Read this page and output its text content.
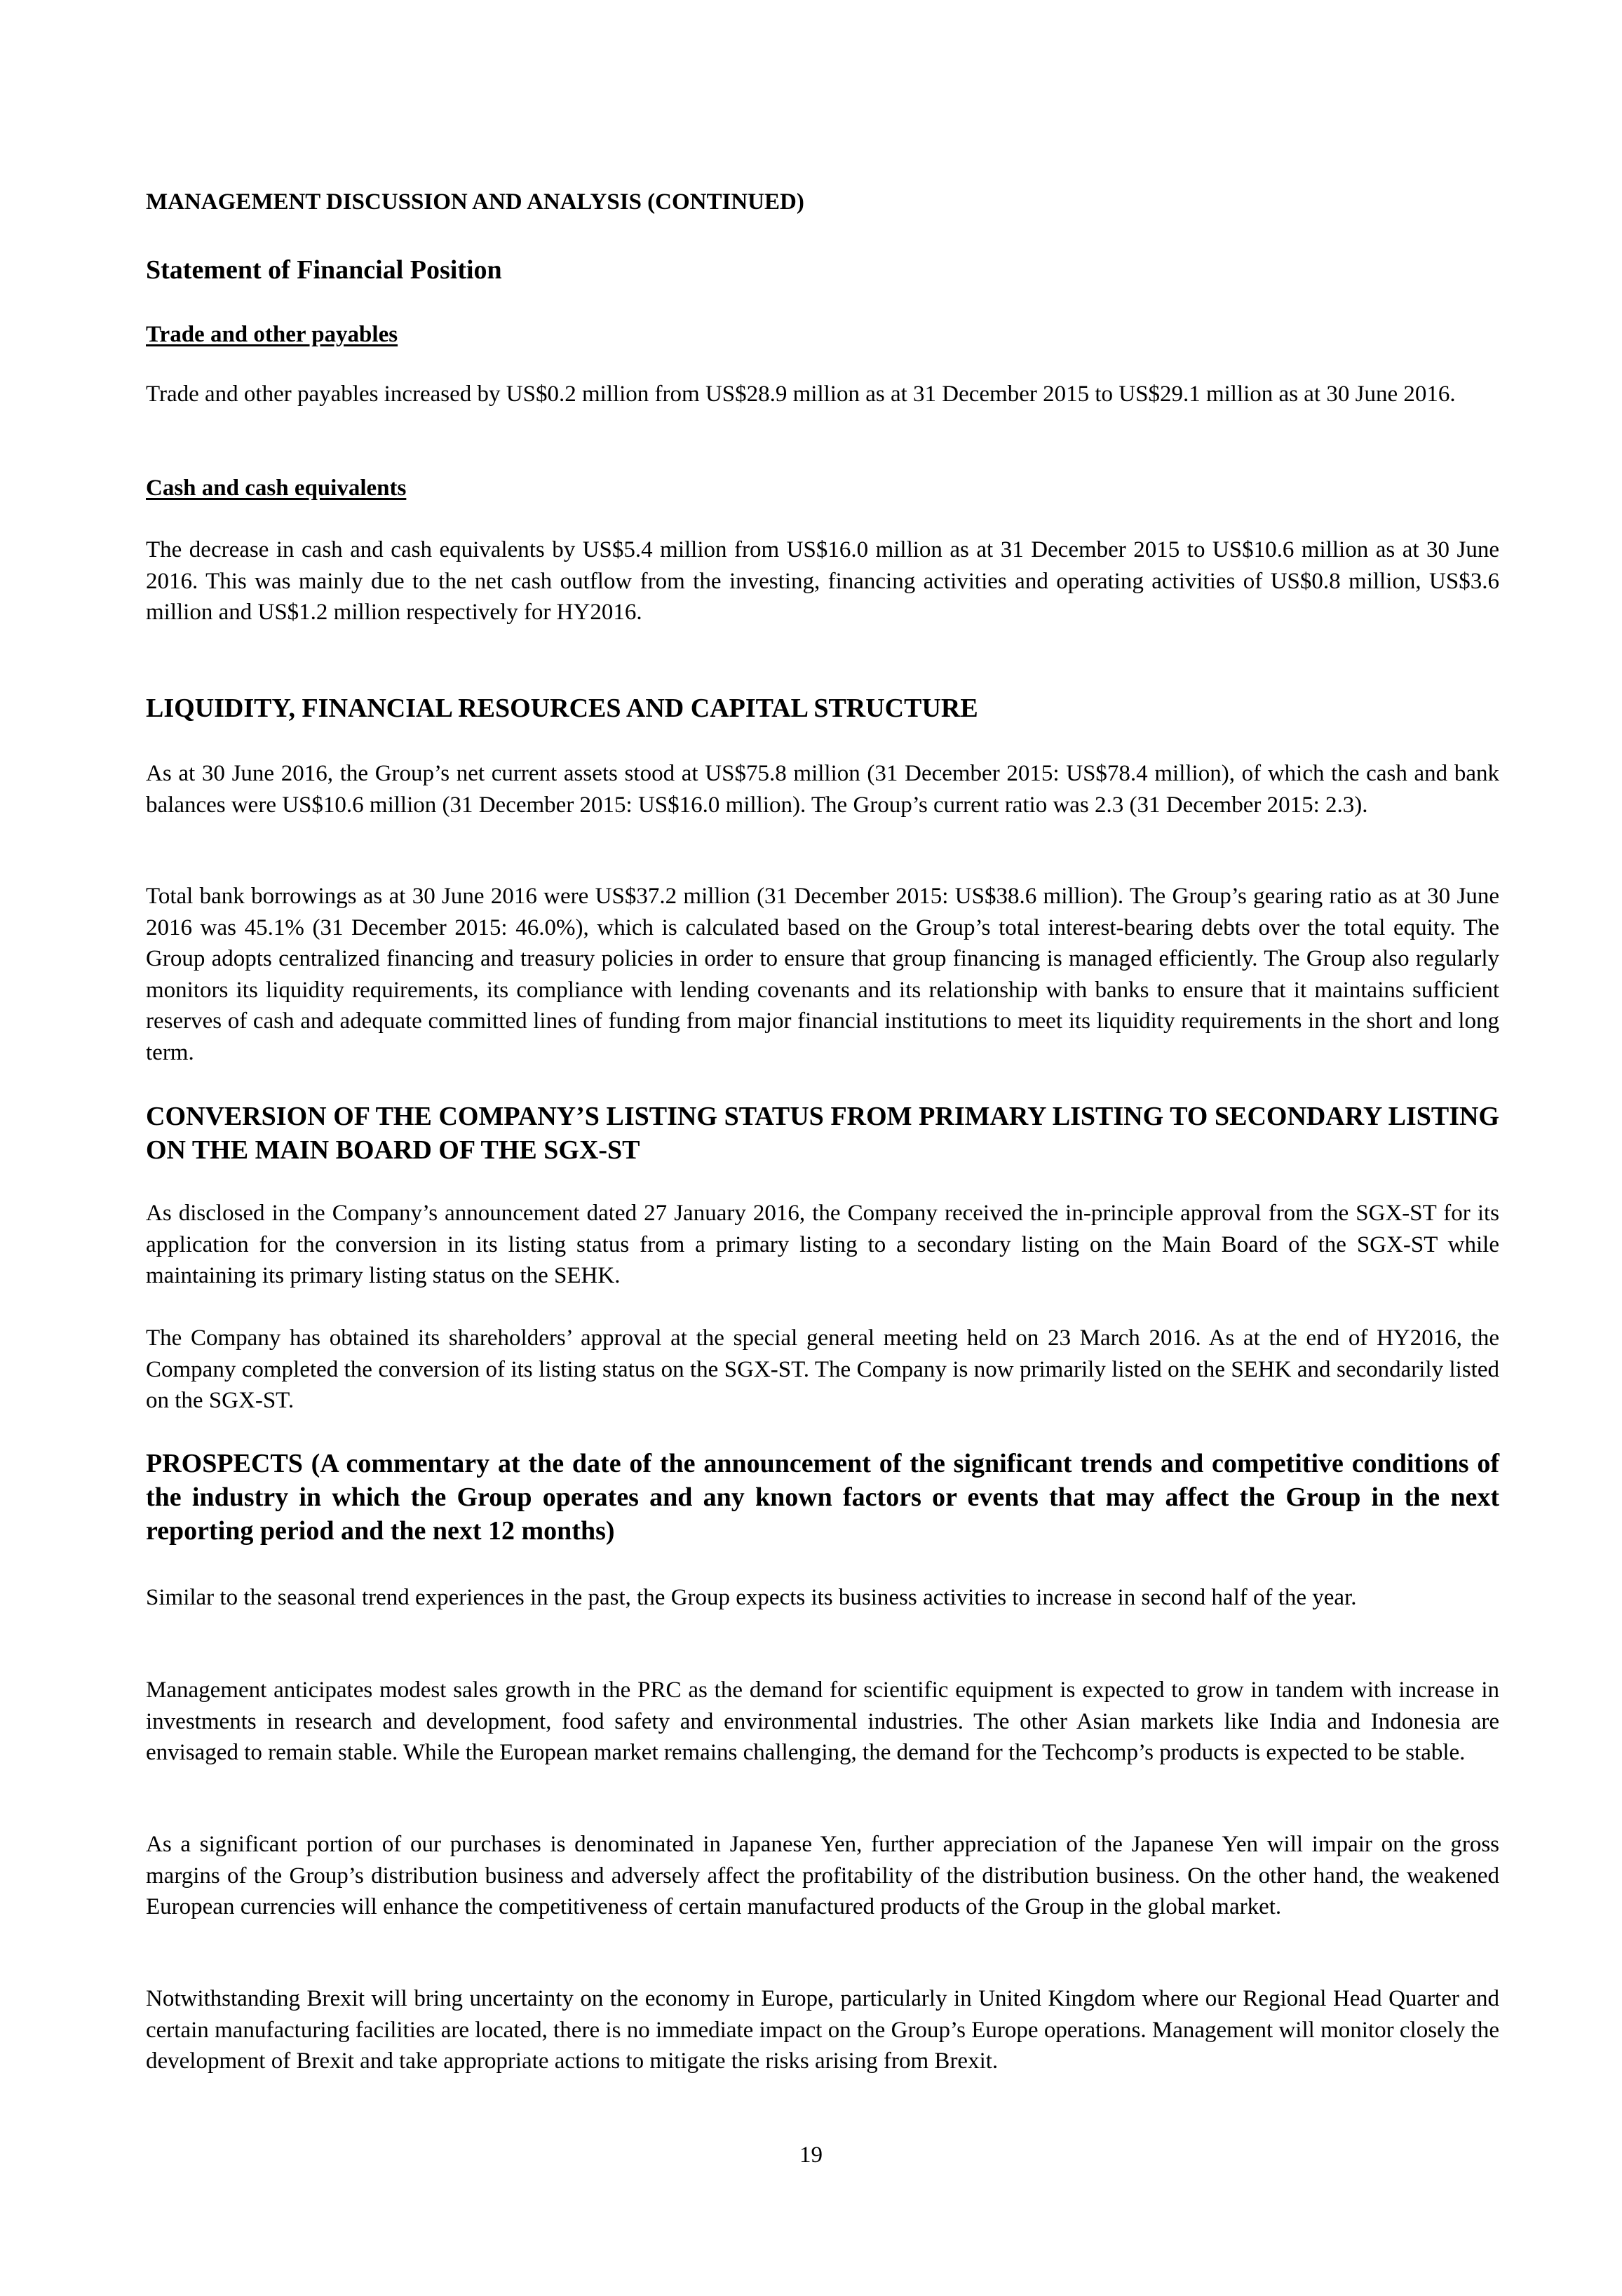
MANAGEMENT DISCUSSION AND ANALYSIS (CONTINUED)

Statement of Financial Position

Trade and other payables

Trade and other payables increased by US$0.2 million from US$28.9 million as at 31 December 2015 to US$29.1 million as at 30 June 2016.

Cash and cash equivalents

The decrease in cash and cash equivalents by US$5.4 million from US$16.0 million as at 31 December 2015 to US$10.6 million as at 30 June 2016. This was mainly due to the net cash outflow from the investing, financing activities and operating activities of US$0.8 million, US$3.6 million and US$1.2 million respectively for HY2016.

LIQUIDITY, FINANCIAL RESOURCES AND CAPITAL STRUCTURE

As at 30 June 2016, the Group’s net current assets stood at US$75.8 million (31 December 2015: US$78.4 million), of which the cash and bank balances were US$10.6 million (31 December 2015: US$16.0 million). The Group’s current ratio was 2.3 (31 December 2015: 2.3).

Total bank borrowings as at 30 June 2016 were US$37.2 million (31 December 2015: US$38.6 million). The Group’s gearing ratio as at 30 June 2016 was 45.1% (31 December 2015: 46.0%), which is calculated based on the Group’s total interest-bearing debts over the total equity. The Group adopts centralized financing and treasury policies in order to ensure that group financing is managed efficiently. The Group also regularly monitors its liquidity requirements, its compliance with lending covenants and its relationship with banks to ensure that it maintains sufficient reserves of cash and adequate committed lines of funding from major financial institutions to meet its liquidity requirements in the short and long term.

CONVERSION OF THE COMPANY’S LISTING STATUS FROM PRIMARY LISTING TO SECONDARY LISTING ON THE MAIN BOARD OF THE SGX-ST

As disclosed in the Company’s announcement dated 27 January 2016, the Company received the in-principle approval from the SGX-ST for its application for the conversion in its listing status from a primary listing to a secondary listing on the Main Board of the SGX-ST while maintaining its primary listing status on the SEHK.

The Company has obtained its shareholders’ approval at the special general meeting held on 23 March 2016. As at the end of HY2016, the Company completed the conversion of its listing status on the SGX-ST. The Company is now primarily listed on the SEHK and secondarily listed on the SGX-ST.

PROSPECTS (A commentary at the date of the announcement of the significant trends and competitive conditions of the industry in which the Group operates and any known factors or events that may affect the Group in the next reporting period and the next 12 months)

Similar to the seasonal trend experiences in the past, the Group expects its business activities to increase in second half of the year.

Management anticipates modest sales growth in the PRC as the demand for scientific equipment is expected to grow in tandem with increase in investments in research and development, food safety and environmental industries. The other Asian markets like India and Indonesia are envisaged to remain stable. While the European market remains challenging, the demand for the Techcomp’s products is expected to be stable.

As a significant portion of our purchases is denominated in Japanese Yen, further appreciation of the Japanese Yen will impair on the gross margins of the Group’s distribution business and adversely affect the profitability of the distribution business. On the other hand, the weakened European currencies will enhance the competitiveness of certain manufactured products of the Group in the global market.

Notwithstanding Brexit will bring uncertainty on the economy in Europe, particularly in United Kingdom where our Regional Head Quarter and certain manufacturing facilities are located, there is no immediate impact on the Group’s Europe operations. Management will monitor closely the development of Brexit and take appropriate actions to mitigate the risks arising from Brexit.

19
